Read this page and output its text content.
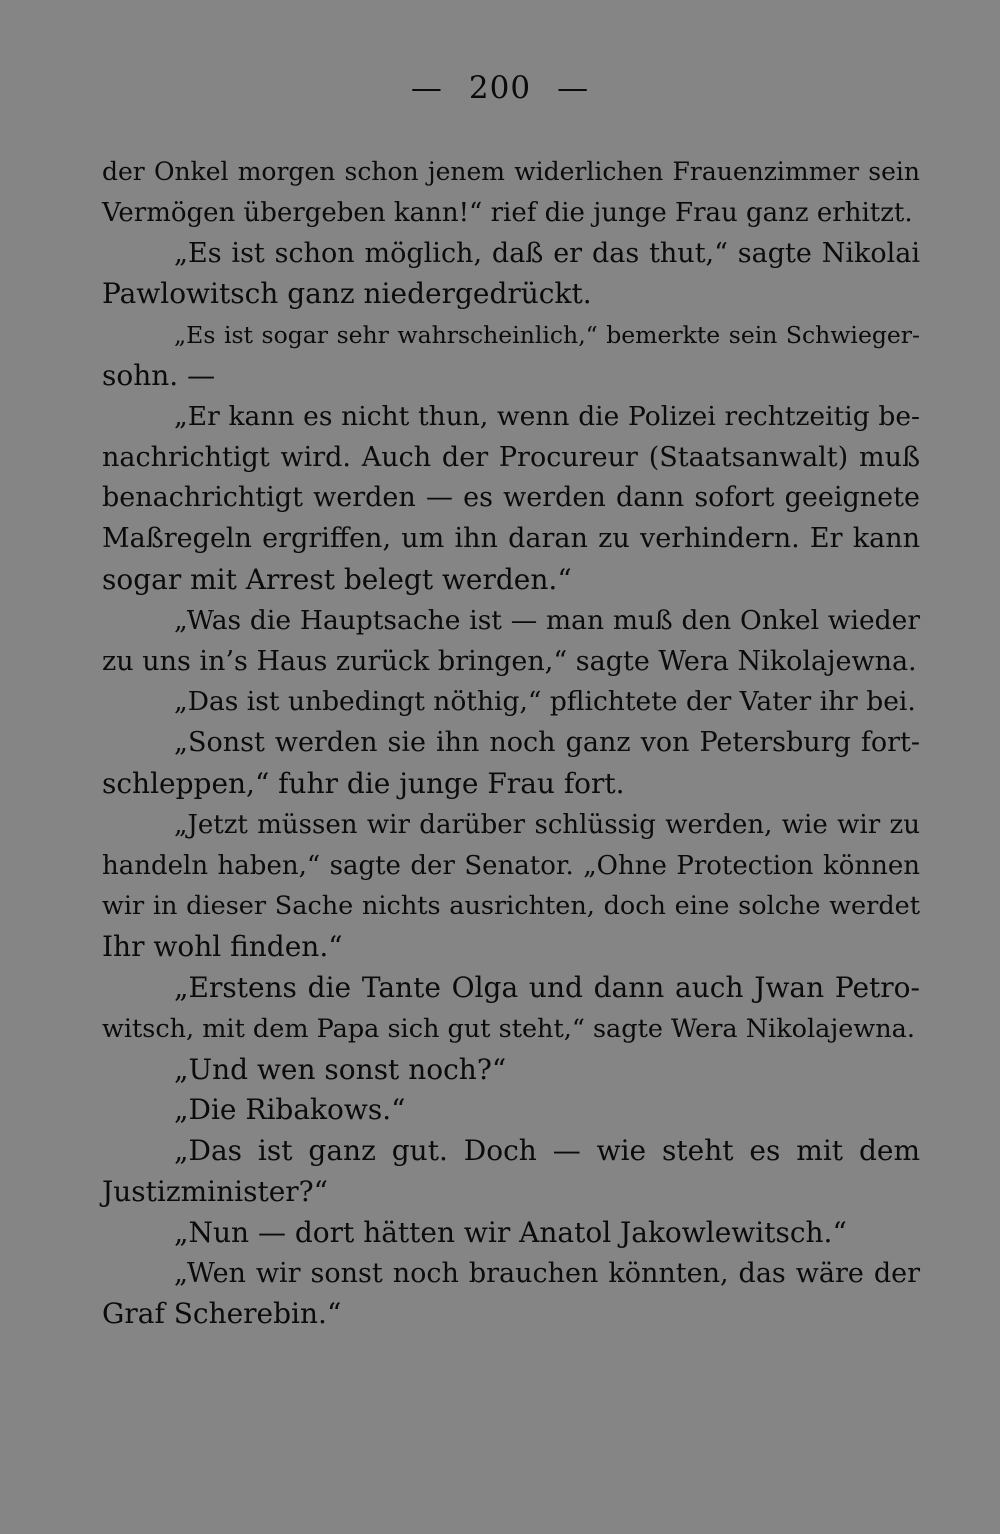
— 200 —
der Onkel morgen schon jenem widerlichen Frauenzimmer sein
Vermögen übergeben kann!“ rief die junge Frau ganz erhitzt.
„Es ist schon möglich, daß er das thut,“ sagte Nikolai
Pawlowitsch ganz niedergedrückt.
„Es ist sogar sehr wahrscheinlich,“ bemerkte sein Schwieger-
sohn. —
„Er kann es nicht thun, wenn die Polizei rechtzeitig be-
nachrichtigt wird. Auch der Procureur (Staatsanwalt) muß
benachrichtigt werden — es werden dann sofort geeignete
Maßregeln ergriffen, um ihn daran zu verhindern. Er kann
sogar mit Arrest belegt werden.“
„Was die Hauptsache ist — man muß den Onkel wieder
zu uns in’s Haus zurück bringen,“ sagte Wera Nikolajewna.
„Das ist unbedingt nöthig,“ pflichtete der Vater ihr bei.
„Sonst werden sie ihn noch ganz von Petersburg fort-
schleppen,“ fuhr die junge Frau fort.
„Jetzt müssen wir darüber schlüssig werden, wie wir zu
handeln haben,“ sagte der Senator. „Ohne Protection können
wir in dieser Sache nichts ausrichten, doch eine solche werdet
Ihr wohl finden.“
„Erstens die Tante Olga und dann auch Jwan Petro-
witsch, mit dem Papa sich gut steht,“ sagte Wera Nikolajewna.
„Und wen sonst noch?“
„Die Ribakows.“
„Das ist ganz gut. Doch — wie steht es mit dem
Justizminister?“
„Nun — dort hätten wir Anatol Jakowlewitsch.“
„Wen wir sonst noch brauchen könnten, das wäre der
Graf Scherebin.“
